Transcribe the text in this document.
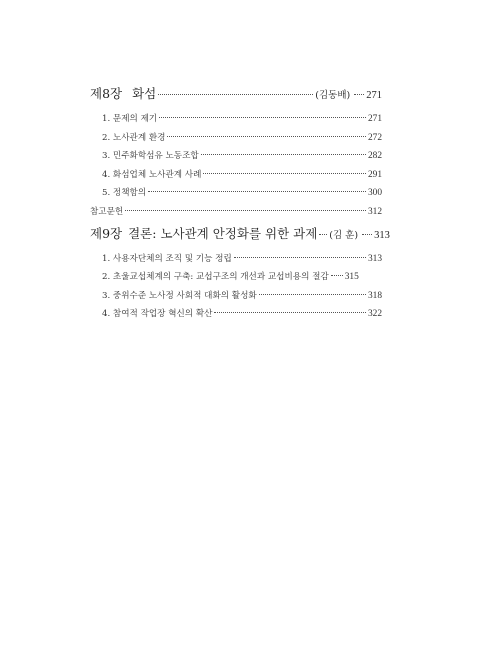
제8장 화섬	(김동배) 271
1. 문제의 제기	271
2. 노사관계 환경	272
3. 민주화학섬유 노동조합	282
4. 화섬업체 노사관계 사례	291
5. 정책함의	300
참고문헌	312
제9장 결론: 노사관계 안정화를 위한 과제 (김 훈) 313
1. 사용자단체의 조직 및 기능 정립	313
2. 초울교섭체계의 구축: 교섭구조의 개선과 교섭비용의 절감 315
3. 중위수준 노사정 사회적 대화의 활성화	318
4. 참여적 작업장 혁신의 확산	322
